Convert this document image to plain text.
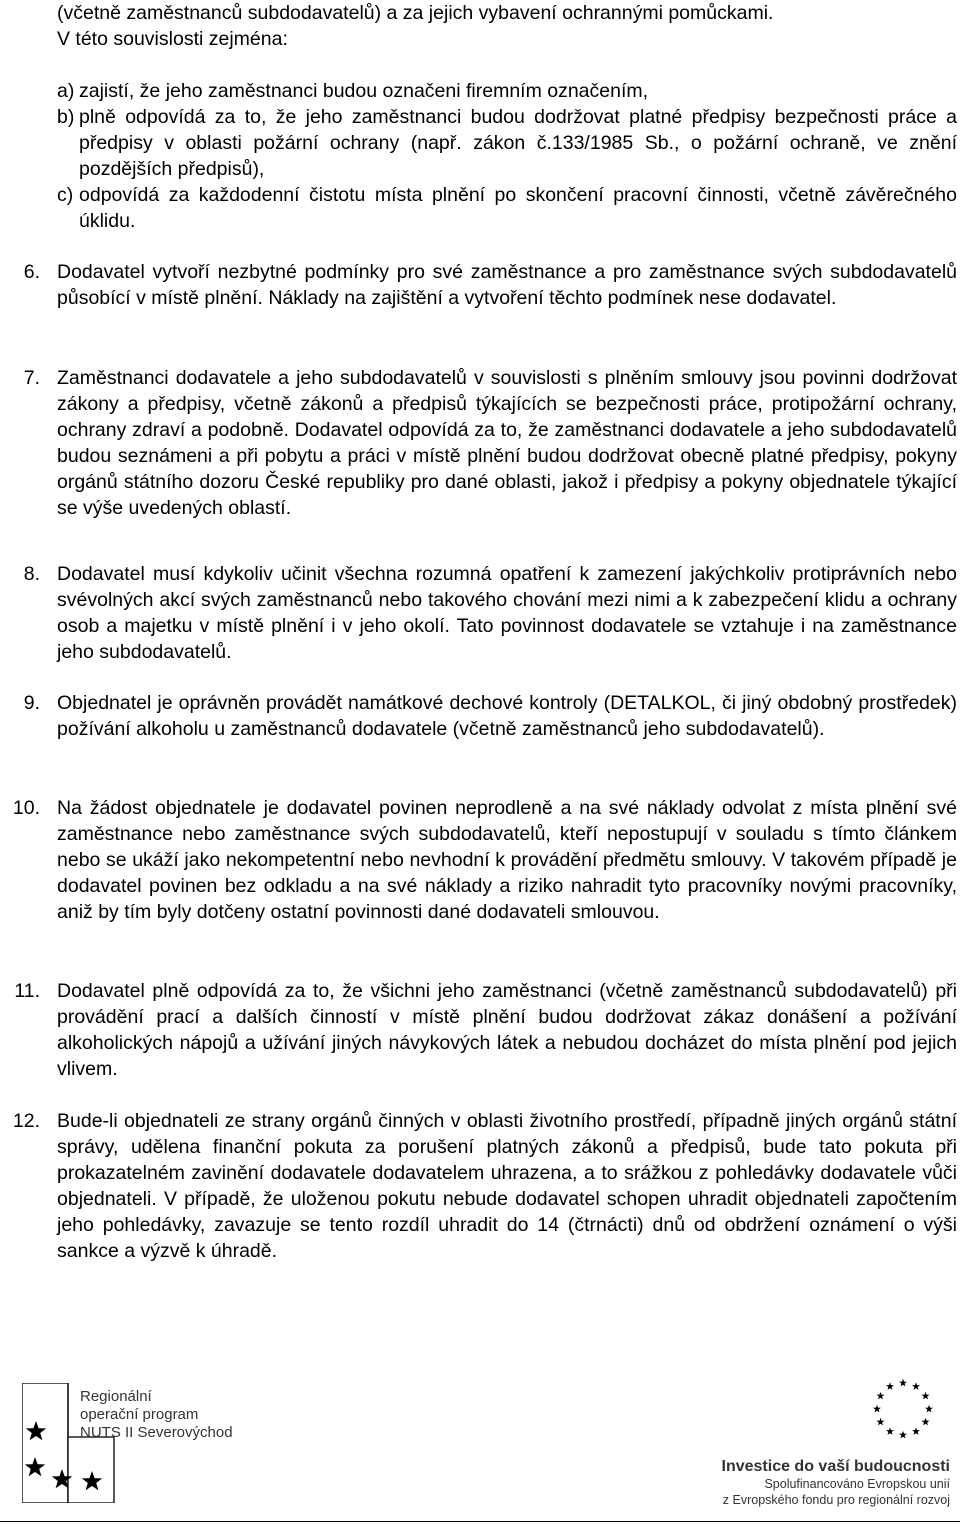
(včetně zaměstnanců subdodavatelů) a za jejich vybavení ochrannými pomůckami.
V této souvislosti zejména:
a) zajistí, že jeho zaměstnanci budou označeni firemním označením,
b) plně odpovídá za to, že jeho zaměstnanci budou dodržovat platné předpisy bezpečnosti práce a předpisy v oblasti požární ochrany (např. zákon č.133/1985 Sb., o požární ochraně, ve znění pozdějších předpisů),
c) odpovídá za každodenní čistotu místa plnění po skončení pracovní činnosti, včetně závěrečného úklidu.
6. Dodavatel vytvoří nezbytné podmínky pro své zaměstnance a pro zaměstnance svých subdodavatelů působící v místě plnění. Náklady na zajištění a vytvoření těchto podmínek nese dodavatel.
7. Zaměstnanci dodavatele a jeho subdodavatelů v souvislosti s plněním smlouvy jsou povinni dodržovat zákony a předpisy, včetně zákonů a předpisů týkajících se bezpečnosti práce, protipožární ochrany, ochrany zdraví a podobně. Dodavatel odpovídá za to, že zaměstnanci dodavatele a jeho subdodavatelů budou seznámeni a při pobytu a práci v místě plnění budou dodržovat obecně platné předpisy, pokyny orgánů státního dozoru České republiky pro dané oblasti, jakož i předpisy a pokyny objednatele týkající se výše uvedených oblastí.
8. Dodavatel musí kdykoliv učinit všechna rozumná opatření k zamezení jakýchkoliv protiprávních nebo svévolných akcí svých zaměstnanců nebo takového chování mezi nimi a k zabezpečení klidu a ochrany osob a majetku v místě plnění i v jeho okolí. Tato povinnost dodavatele se vztahuje i na zaměstnance jeho subdodavatelů.
9. Objednatel je oprávněn provádět namátkové dechové kontroly (DETALKOL, či jiný obdobný prostředek) požívání alkoholu u zaměstnanců dodavatele (včetně zaměstnanců jeho subdodavatelů).
10. Na žádost objednatele je dodavatel povinen neprodleně a na své náklady odvolat z místa plnění své zaměstnance nebo zaměstnance svých subdodavatelů, kteří nepostupují v souladu s tímto článkem nebo se ukáží jako nekompetentní nebo nevhodní k provádění předmětu smlouvy. V takovém případě je dodavatel povinen bez odkladu a na své náklady a riziko nahradit tyto pracovníky novými pracovníky, aniž by tím byly dotčeny ostatní povinnosti dané dodavateli smlouvou.
11. Dodavatel plně odpovídá za to, že všichni jeho zaměstnanci (včetně zaměstnanců subdodavatelů) při provádění prací a dalších činností v místě plnění budou dodržovat zákaz donášení a požívání alkoholických nápojů a užívání jiných návykových látek a nebudou docházet do místa plnění pod jejich vlivem.
12. Bude-li objednateli ze strany orgánů činných v oblasti životního prostředí, případně jiných orgánů státní správy, udělena finanční pokuta za porušení platných zákonů a předpisů, bude tato pokuta při prokazatelném zavinění dodavatele dodavatelem uhrazena, a to srážkou z pohledávky dodavatele vůči objednateli. V případě, že uloženou pokutu nebude dodavatel schopen uhradit objednateli započtením jeho pohledávky, zavazuje se tento rozdíl uhradit do 14 (čtrnácti) dnů od obdržení oznámení o výši sankce a výzvě k úhradě.
Regionální
operační program
NUTS II Severovýchod
Investice do vaší budoucnosti
Spolufinancováno Evropskou unií
z Evropského fondu pro regionální rozvoj
